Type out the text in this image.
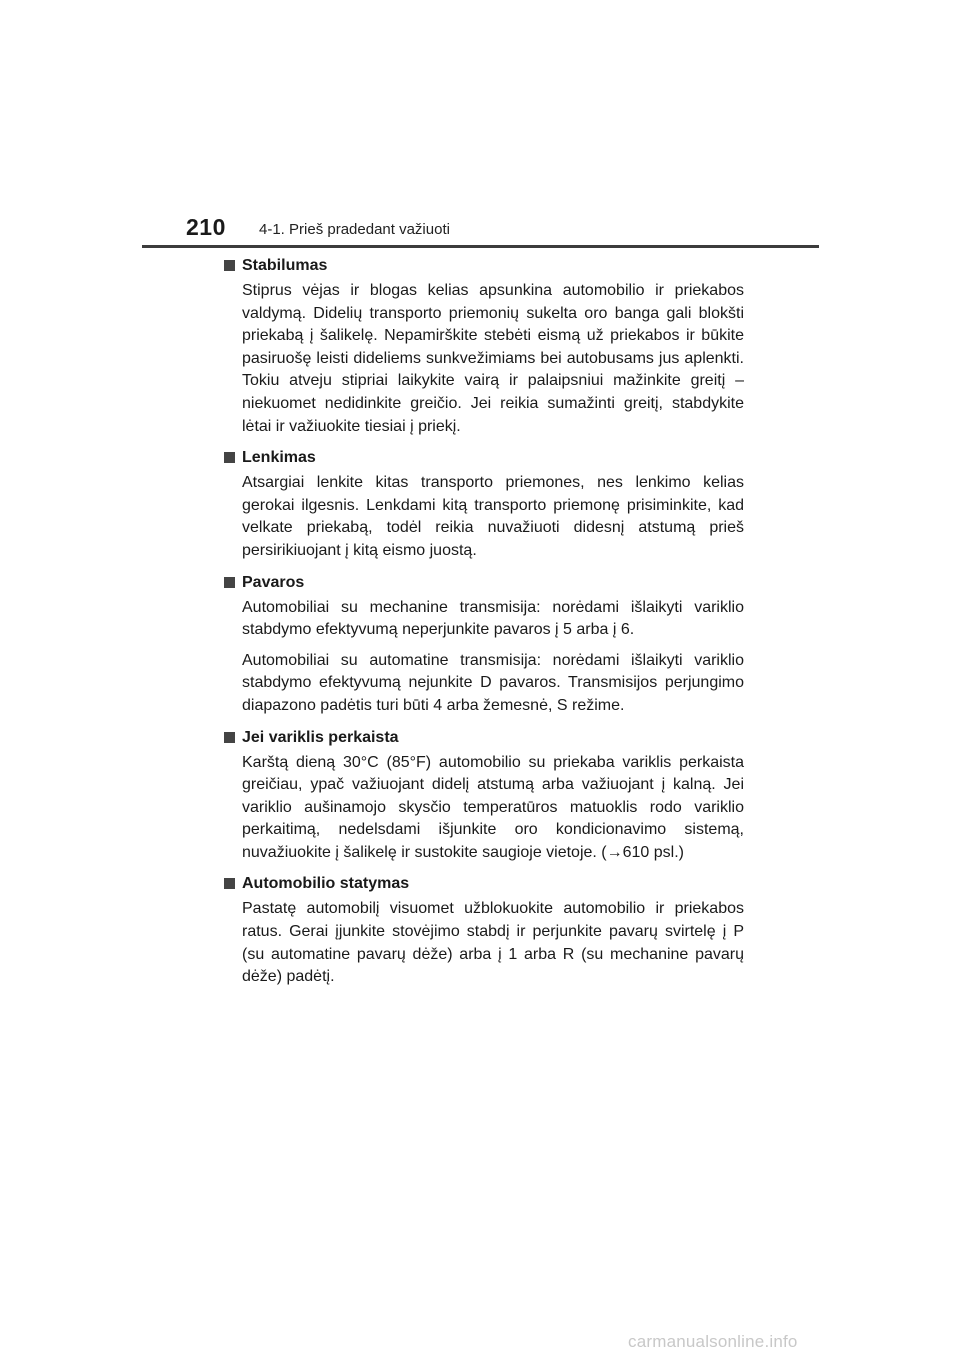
210 4-1. Prieš pradedant važiuoti
Stabilumas

Stiprus vėjas ir blogas kelias apsunkina automobilio ir priekabos valdymą. Didelių transporto priemonių sukelta oro banga gali blokšti priekabą į šalikelę. Nepamirškite stebėti eismą už priekabos ir būkite pasiruošę leisti dideliems sunkvežimiams bei autobusams jus aplenkti. Tokiu atveju stipriai laikykite vairą ir palaipsniui mažinkite greitį – niekuomet nedidinkite greičio. Jei reikia sumažinti greitį, stabdykite lėtai ir važiuokite tiesiai į priekį.

Lenkimas

Atsargiai lenkite kitas transporto priemones, nes lenkimo kelias gerokai ilgesnis. Lenkdami kitą transporto priemonę prisiminkite, kad velkate priekabą, todėl reikia nuvažiuoti didesnį atstumą prieš persirikiuojant į kitą eismo juostą.

Pavaros

Automobiliai su mechanine transmisija: norėdami išlaikyti variklio stabdymo efektyvumą neperjunkite pavaros į 5 arba į 6.

Automobiliai su automatine transmisija: norėdami išlaikyti variklio stabdymo efektyvumą nejunkite D pavaros. Transmisijos perjungimo diapazono padėtis turi būti 4 arba žemesnė, S režime.

Jei variklis perkaista

Karštą dieną 30°C (85°F) automobilio su priekaba variklis perkaista greičiau, ypač važiuojant didelį atstumą arba važiuojant į kalną. Jei variklio aušinamojo skysčio temperatūros matuoklis rodo variklio perkaitimą, nedelsdami išjunkite oro kondicionavimo sistemą, nuvažiuokite į šalikelę ir sustokite saugioje vietoje. (→610 psl.)

Automobilio statymas

Pastatę automobilį visuomet užblokuokite automobilio ir priekabos ratus. Gerai įjunkite stovėjimo stabdį ir perjunkite pavarų svirtelę į P (su automatine pavarų dėže) arba į 1 arba R (su mechanine pavarų dėže) padėtį.

carmanualsonline.info
